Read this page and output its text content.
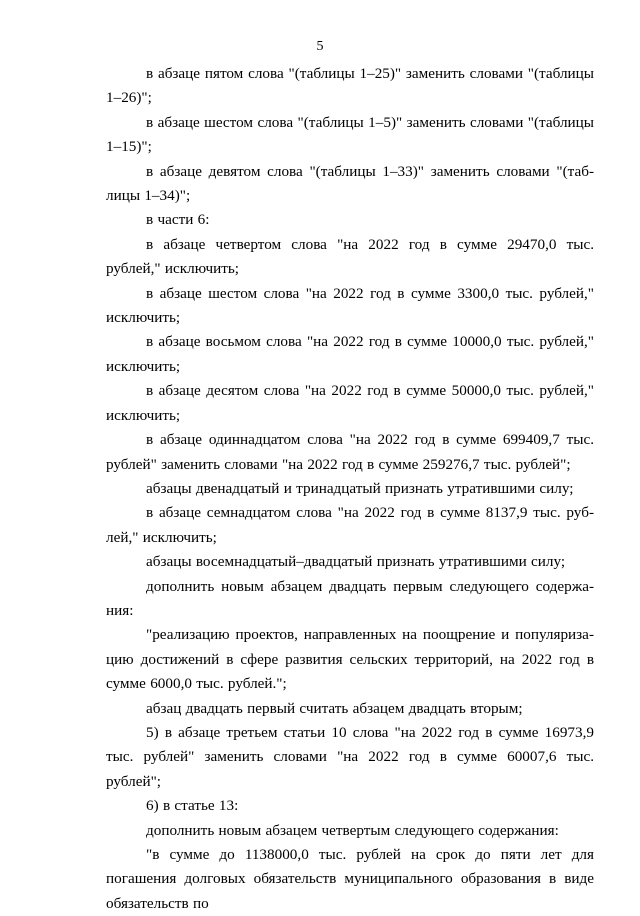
5

в абзаце пятом слова "(таблицы 1–25)" заменить словами "(таблицы 1–26)";

в абзаце шестом слова "(таблицы 1–5)" заменить словами "(таблицы 1–15)";

в абзаце девятом слова "(таблицы 1–33)" заменить словами "(таблицы 1–34)";

в части 6:

в абзаце четвертом слова "на 2022 год в сумме 29470,0 тыс. рублей," исключить;

в абзаце шестом слова "на 2022 год в сумме 3300,0 тыс. рублей," исключить;

в абзаце восьмом слова "на 2022 год в сумме 10000,0 тыс. рублей," исключить;

в абзаце десятом слова "на 2022 год в сумме 50000,0 тыс. рублей," исключить;

в абзаце одиннадцатом слова "на 2022 год в сумме 699409,7 тыс. рублей" заменить словами "на 2022 год в сумме 259276,7 тыс. рублей";

абзацы двенадцатый и тринадцатый признать утратившими силу;

в абзаце семнадцатом слова "на 2022 год в сумме 8137,9 тыс. рублей," исключить;

абзацы восемнадцатый–двадцатый признать утратившими силу;

дополнить новым абзацем двадцать первым следующего содержания:

"реализацию проектов, направленных на поощрение и популяризацию достижений в сфере развития сельских территорий, на 2022 год в сумме 6000,0 тыс. рублей.";

абзац двадцать первый считать абзацем двадцать вторым;

5) в абзаце третьем статьи 10 слова "на 2022 год в сумме 16973,9 тыс. рублей" заменить словами "на 2022 год в сумме 60007,6 тыс. рублей";

6) в статье 13:

дополнить новым абзацем четвертым следующего содержания:

"в сумме до 1138000,0 тыс. рублей на срок до пяти лет для погашения долговых обязательств муниципального образования в виде обязательств по
